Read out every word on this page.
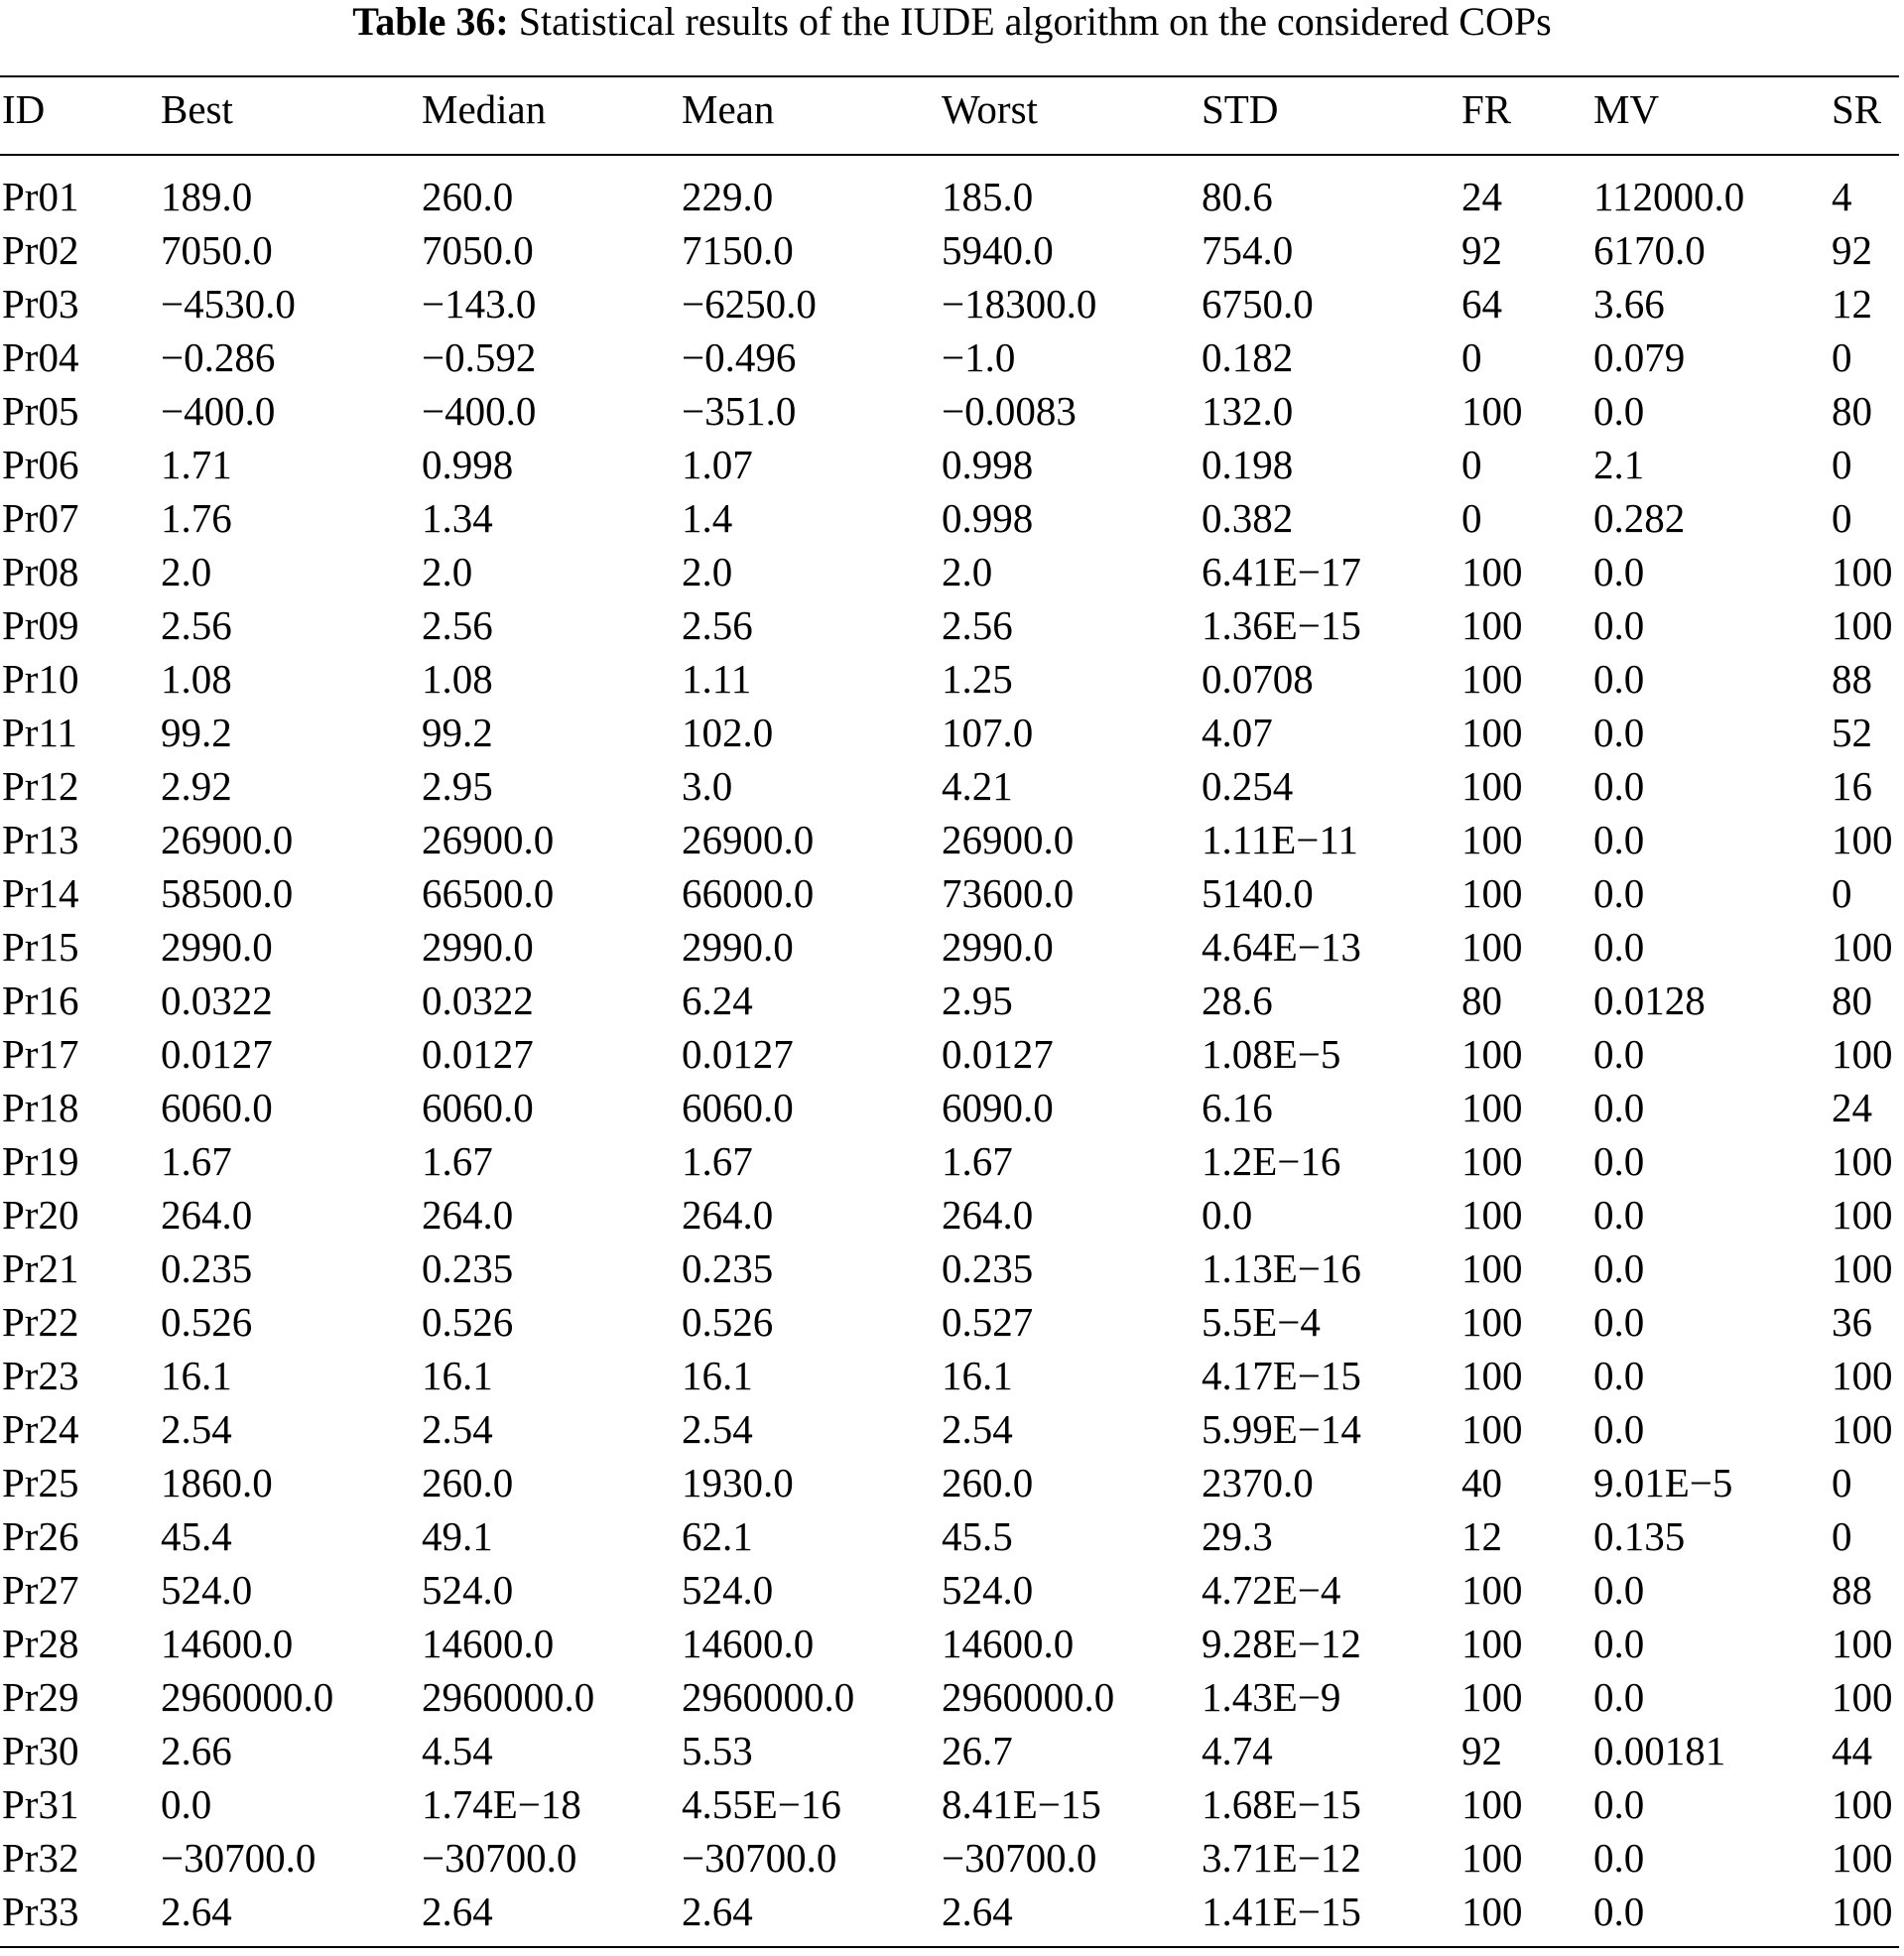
Table 36: Statistical results of the IUDE algorithm on the considered COPs
ID	Best	Median	Mean	Worst	STD	FR	MV	SR
Pr01	189.0	260.0	229.0	185.0	80.6	24	112000.0	4
Pr02	7050.0	7050.0	7150.0	5940.0	754.0	92	6170.0	92
Pr03	−4530.0	−143.0	−6250.0	−18300.0	6750.0	64	3.66	12
Pr04	−0.286	−0.592	−0.496	−1.0	0.182	0	0.079	0
Pr05	−400.0	−400.0	−351.0	−0.0083	132.0	100	0.0	80
Pr06	1.71	0.998	1.07	0.998	0.198	0	2.1	0
Pr07	1.76	1.34	1.4	0.998	0.382	0	0.282	0
Pr08	2.0	2.0	2.0	2.0	6.41E−17	100	0.0	100
Pr09	2.56	2.56	2.56	2.56	1.36E−15	100	0.0	100
Pr10	1.08	1.08	1.11	1.25	0.0708	100	0.0	88
Pr11	99.2	99.2	102.0	107.0	4.07	100	0.0	52
Pr12	2.92	2.95	3.0	4.21	0.254	100	0.0	16
Pr13	26900.0	26900.0	26900.0	26900.0	1.11E−11	100	0.0	100
Pr14	58500.0	66500.0	66000.0	73600.0	5140.0	100	0.0	0
Pr15	2990.0	2990.0	2990.0	2990.0	4.64E−13	100	0.0	100
Pr16	0.0322	0.0322	6.24	2.95	28.6	80	0.0128	80
Pr17	0.0127	0.0127	0.0127	0.0127	1.08E−5	100	0.0	100
Pr18	6060.0	6060.0	6060.0	6090.0	6.16	100	0.0	24
Pr19	1.67	1.67	1.67	1.67	1.2E−16	100	0.0	100
Pr20	264.0	264.0	264.0	264.0	0.0	100	0.0	100
Pr21	0.235	0.235	0.235	0.235	1.13E−16	100	0.0	100
Pr22	0.526	0.526	0.526	0.527	5.5E−4	100	0.0	36
Pr23	16.1	16.1	16.1	16.1	4.17E−15	100	0.0	100
Pr24	2.54	2.54	2.54	2.54	5.99E−14	100	0.0	100
Pr25	1860.0	260.0	1930.0	260.0	2370.0	40	9.01E−5	0
Pr26	45.4	49.1	62.1	45.5	29.3	12	0.135	0
Pr27	524.0	524.0	524.0	524.0	4.72E−4	100	0.0	88
Pr28	14600.0	14600.0	14600.0	14600.0	9.28E−12	100	0.0	100
Pr29	2960000.0	2960000.0	2960000.0	2960000.0	1.43E−9	100	0.0	100
Pr30	2.66	4.54	5.53	26.7	4.74	92	0.00181	44
Pr31	0.0	1.74E−18	4.55E−16	8.41E−15	1.68E−15	100	0.0	100
Pr32	−30700.0	−30700.0	−30700.0	−30700.0	3.71E−12	100	0.0	100
Pr33	2.64	2.64	2.64	2.64	1.41E−15	100	0.0	100
